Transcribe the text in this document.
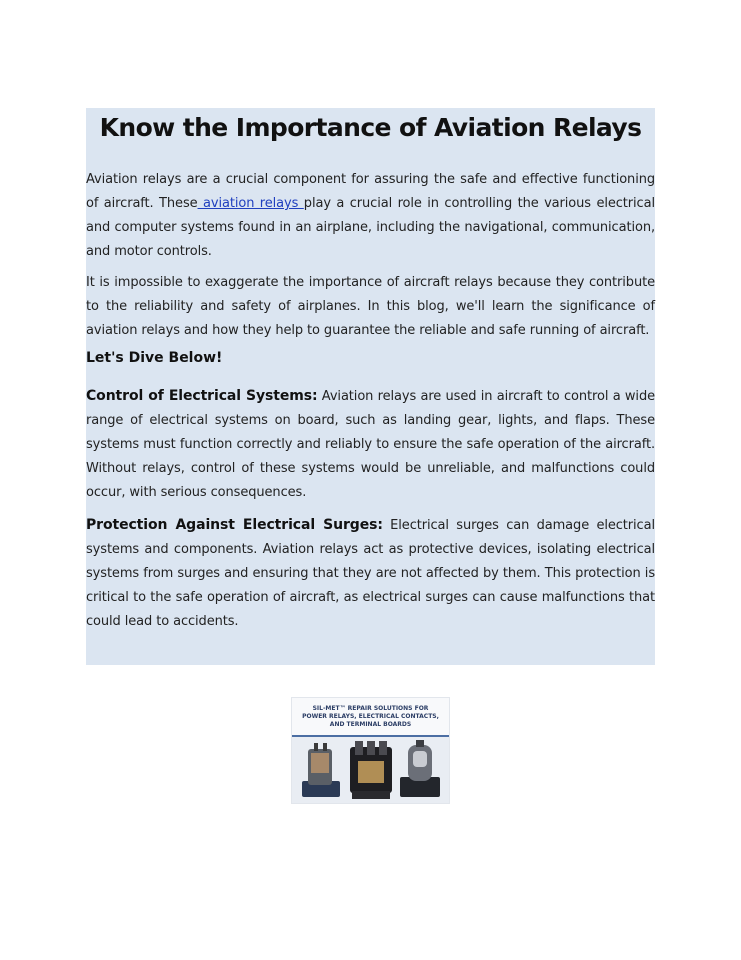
Know the Importance of Aviation Relays

Aviation relays are a crucial component for assuring the safe and effective functioning of aircraft. These aviation relays play a crucial role in controlling the various electrical and computer systems found in an airplane, including the navigational, communication, and motor controls.

It is impossible to exaggerate the importance of aircraft relays because they contribute to the reliability and safety of airplanes. In this blog, we'll learn the significance of aviation relays and how they help to guarantee the reliable and safe running of aircraft.

Let's Dive Below!

Control of Electrical Systems: Aviation relays are used in aircraft to control a wide range of electrical systems on board, such as landing gear, lights, and flaps. These systems must function correctly and reliably to ensure the safe operation of the aircraft. Without relays, control of these systems would be unreliable, and malfunctions could occur, with serious consequences.

Protection Against Electrical Surges: Electrical surges can damage electrical systems and components. Aviation relays act as protective devices, isolating electrical systems from surges and ensuring that they are not affected by them. This protection is critical to the safe operation of aircraft, as electrical surges can cause malfunctions that could lead to accidents.

SIL-MET™ REPAIR SOLUTIONS FOR POWER RELAYS, ELECTRICAL CONTACTS, AND TERMINAL BOARDS
